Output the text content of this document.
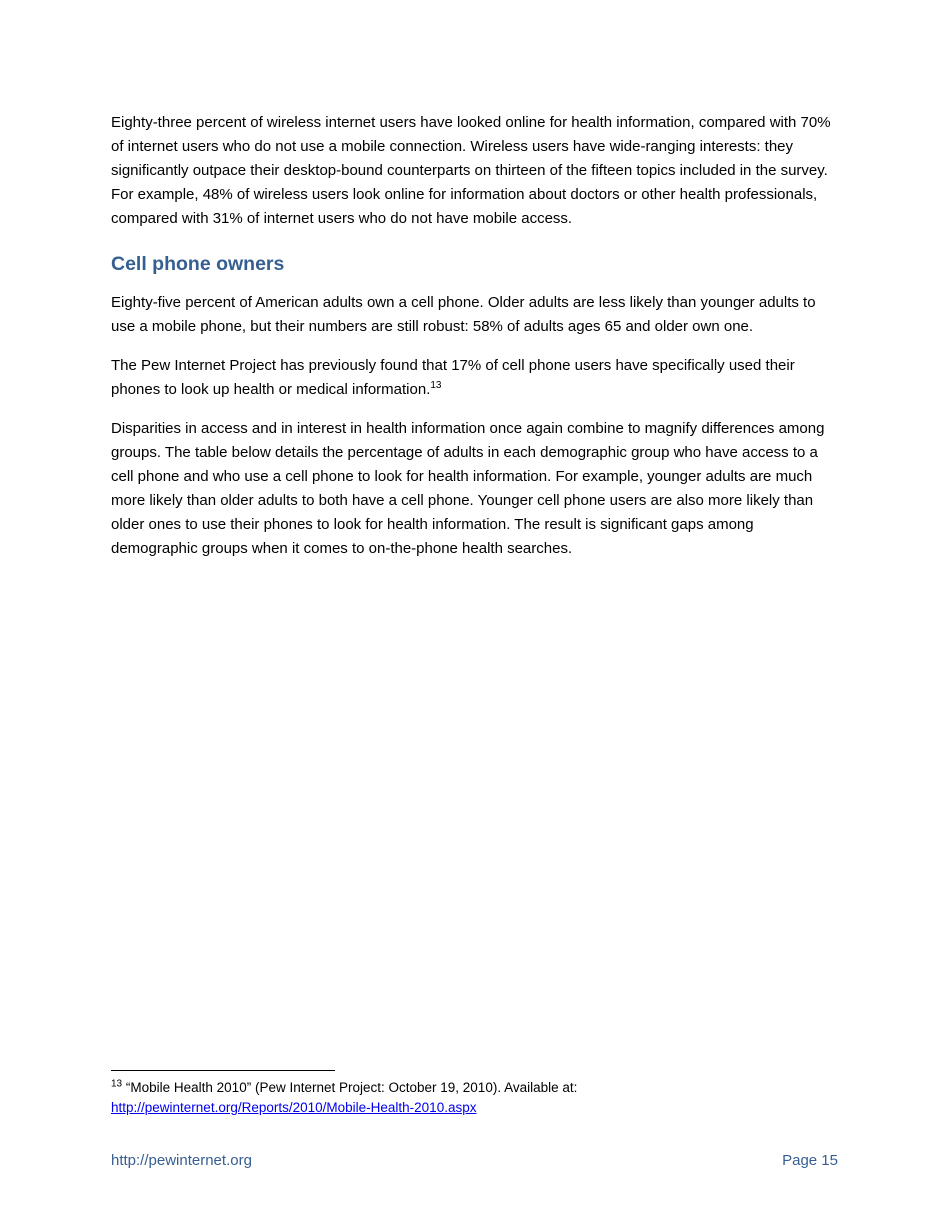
Eighty-three percent of wireless internet users have looked online for health information, compared with 70% of internet users who do not use a mobile connection. Wireless users have wide-ranging interests: they significantly outpace their desktop-bound counterparts on thirteen of the fifteen topics included in the survey. For example, 48% of wireless users look online for information about doctors or other health professionals, compared with 31% of internet users who do not have mobile access.

Cell phone owners

Eighty-five percent of American adults own a cell phone. Older adults are less likely than younger adults to use a mobile phone, but their numbers are still robust: 58% of adults ages 65 and older own one.

The Pew Internet Project has previously found that 17% of cell phone users have specifically used their phones to look up health or medical information.$^{13}$

Disparities in access and in interest in health information once again combine to magnify differences among groups. The table below details the percentage of adults in each demographic group who have access to a cell phone and who use a cell phone to look for health information. For example, younger adults are much more likely than older adults to both have a cell phone. Younger cell phone users are also more likely than older ones to use their phones to look for health information. The result is significant gaps among demographic groups when it comes to on-the-phone health searches.

$^{13}$ “Mobile Health 2010” (Pew Internet Project: October 19, 2010). Available at:
http://pewinternet.org/Reports/2010/Mobile-Health-2010.aspx
http://pewinternet.org	Page 15
